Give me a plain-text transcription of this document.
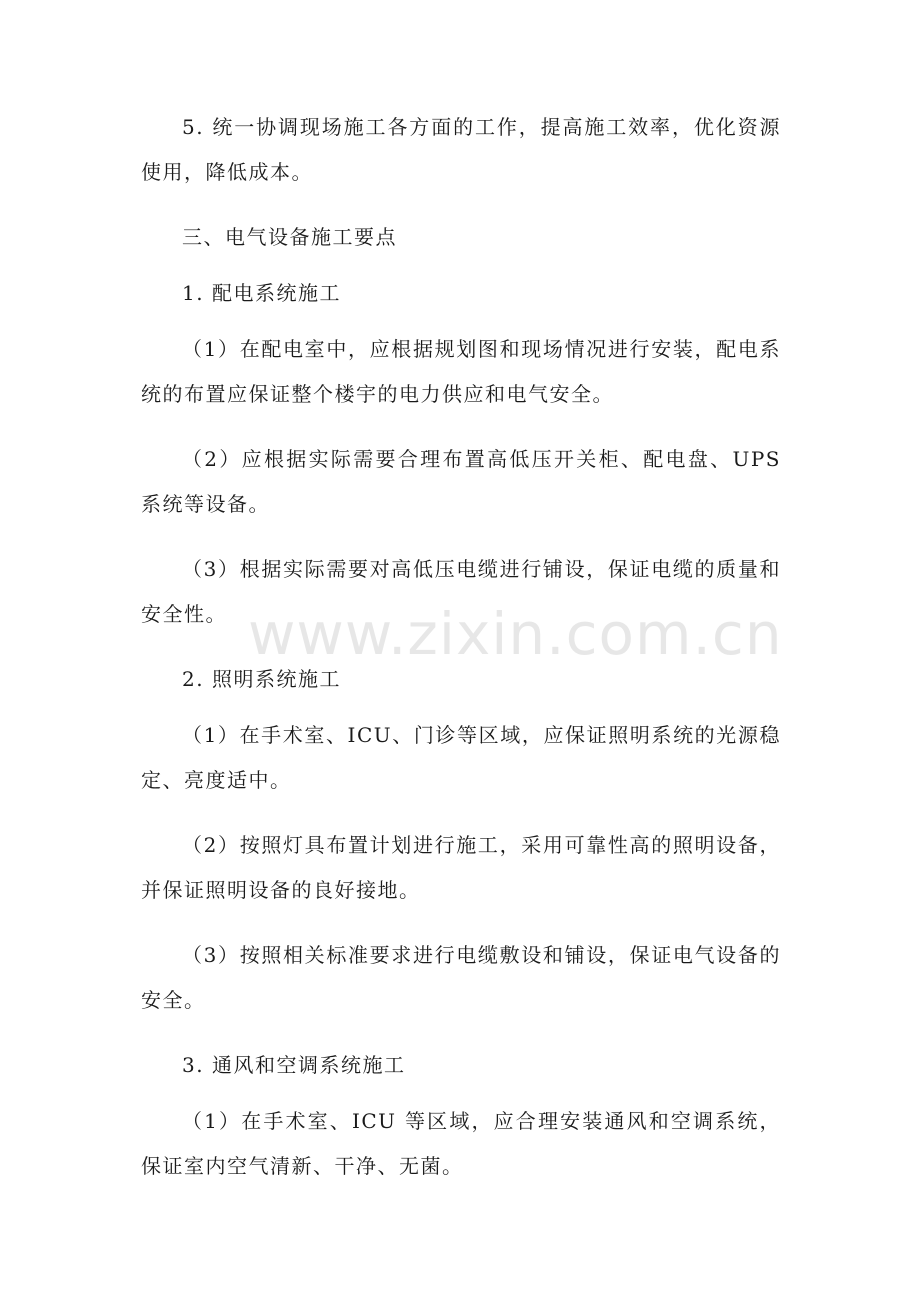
5. 统一协调现场施工各方面的工作，提高施工效率，优化资源使用，降低成本。

三、电气设备施工要点

1. 配电系统施工

（1）在配电室中，应根据规划图和现场情况进行安装，配电系统的布置应保证整个楼宇的电力供应和电气安全。

（2）应根据实际需要合理布置高低压开关柜、配电盘、UPS 系统等设备。

（3）根据实际需要对高低压电缆进行铺设，保证电缆的质量和安全性。

2. 照明系统施工

（1）在手术室、ICU、门诊等区域，应保证照明系统的光源稳定、亮度适中。

（2）按照灯具布置计划进行施工，采用可靠性高的照明设备，并保证照明设备的良好接地。

（3）按照相关标准要求进行电缆敷设和铺设，保证电气设备的安全。

3. 通风和空调系统施工

（1）在手术室、ICU 等区域，应合理安装通风和空调系统，保证室内空气清新、干净、无菌。

www.zixin.com.cn
